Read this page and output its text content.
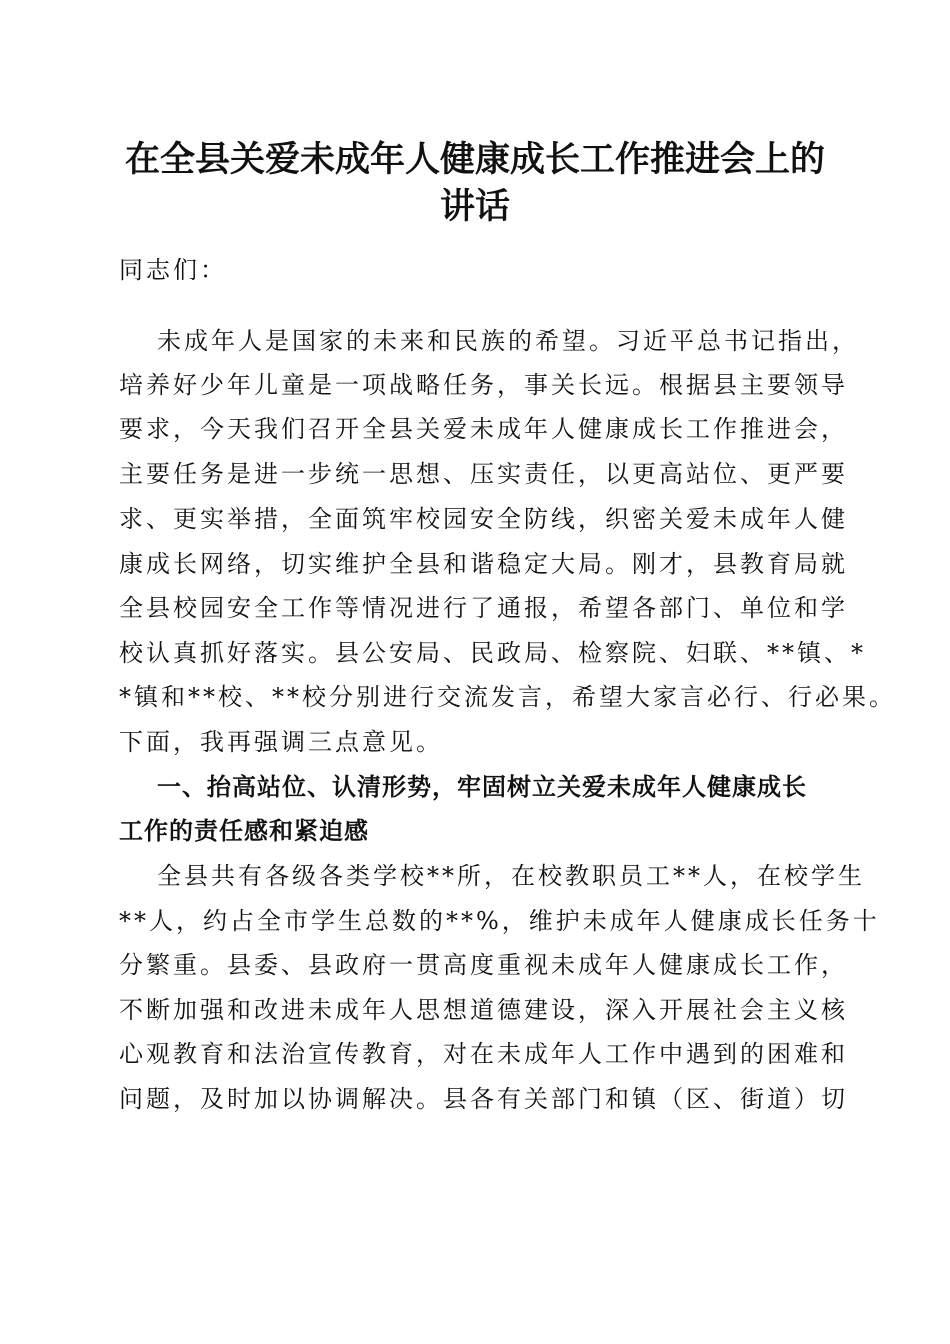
在全县关爱未成年人健康成长工作推进会上的
讲话
同志们：
未成年人是国家的未来和民族的希望。习近平总书记指出，
培养好少年儿童是一项战略任务，事关长远。根据县主要领导
要求，今天我们召开全县关爱未成年人健康成长工作推进会，
主要任务是进一步统一思想、压实责任，以更高站位、更严要
求、更实举措，全面筑牢校园安全防线，织密关爱未成年人健
康成长网络，切实维护全县和谐稳定大局。刚才，县教育局就
全县校园安全工作等情况进行了通报，希望各部门、单位和学
校认真抓好落实。县公安局、民政局、检察院、妇联、**镇、*
*镇和**校、**校分别进行交流发言，希望大家言必行、行必果。
下面，我再强调三点意见。
一、抬高站位、认清形势，牢固树立关爱未成年人健康成长
工作的责任感和紧迫感
全县共有各级各类学校**所，在校教职员工**人，在校学生
**人，约占全市学生总数的**%，维护未成年人健康成长任务十
分繁重。县委、县政府一贯高度重视未成年人健康成长工作，
不断加强和改进未成年人思想道德建设，深入开展社会主义核
心观教育和法治宣传教育，对在未成年人工作中遇到的困难和
问题，及时加以协调解决。县各有关部门和镇（区、街道）切
